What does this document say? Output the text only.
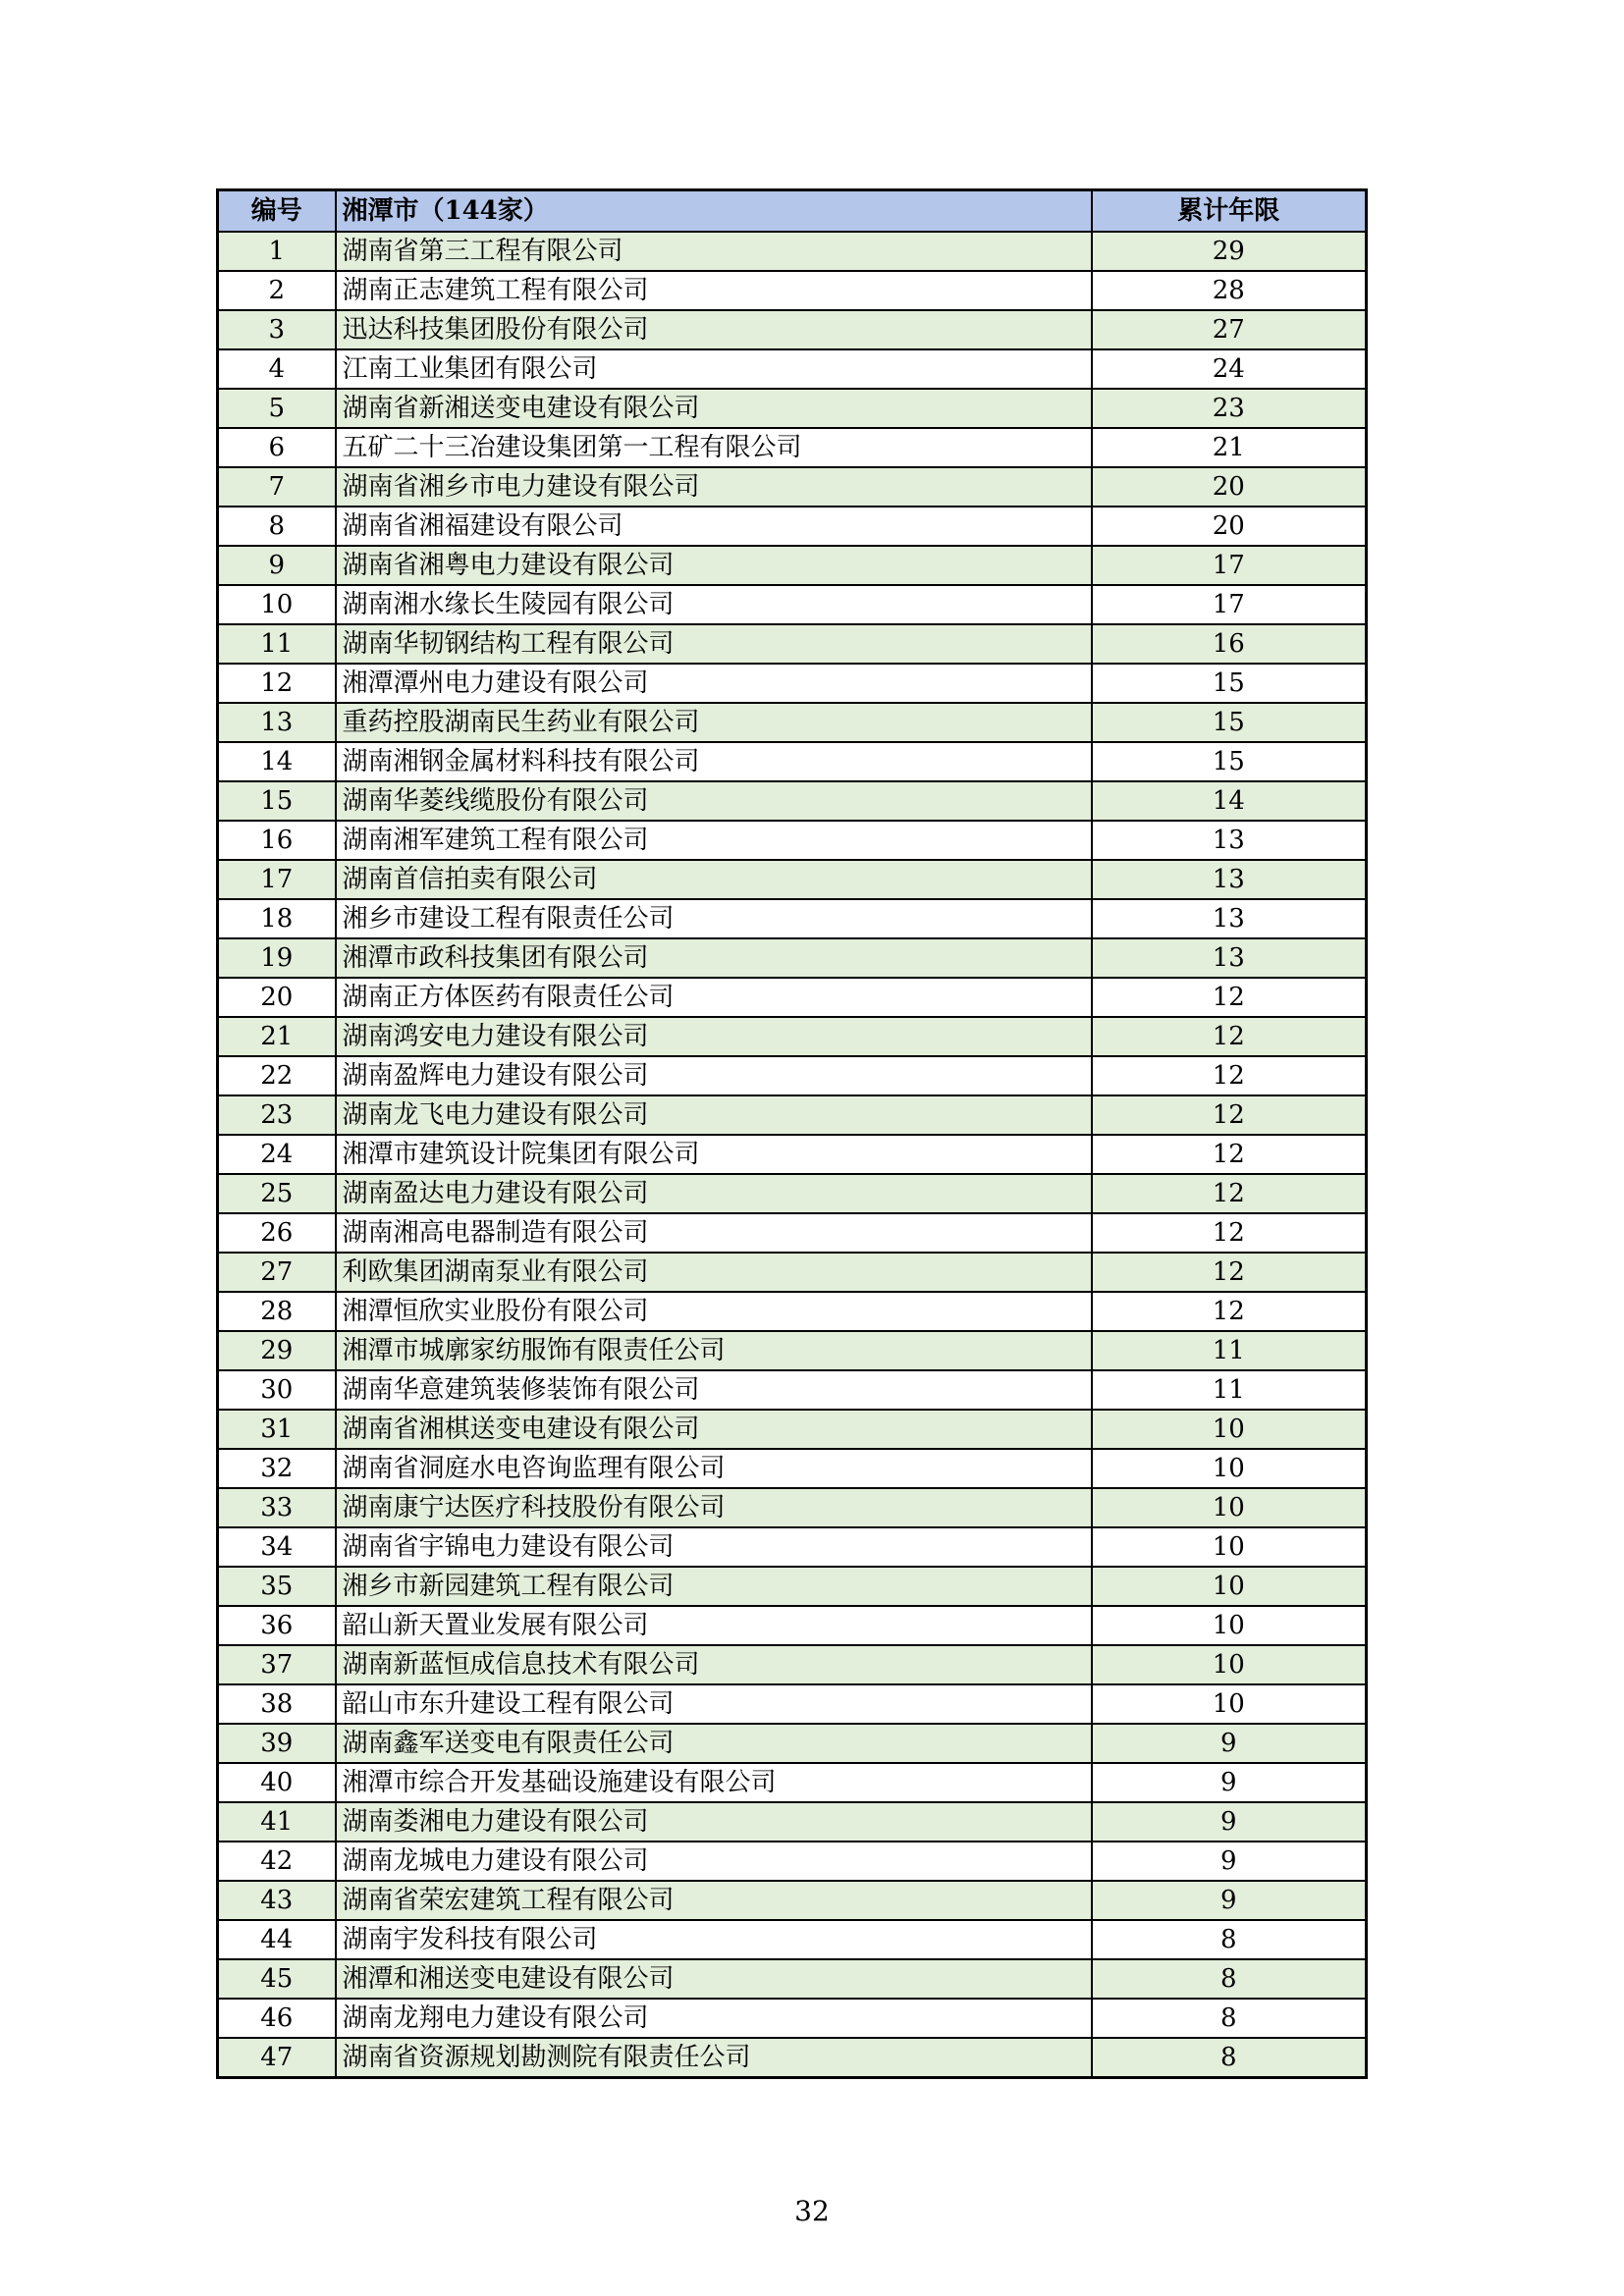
编号	湘潭市（144家）	累计年限
1	湖南省第三工程有限公司	29
2	湖南正志建筑工程有限公司	28
3	迅达科技集团股份有限公司	27
4	江南工业集团有限公司	24
5	湖南省新湘送变电建设有限公司	23
6	五矿二十三冶建设集团第一工程有限公司	21
7	湖南省湘乡市电力建设有限公司	20
8	湖南省湘福建设有限公司	20
9	湖南省湘粤电力建设有限公司	17
10	湖南湘水缘长生陵园有限公司	17
11	湖南华韧钢结构工程有限公司	16
12	湘潭潭州电力建设有限公司	15
13	重药控股湖南民生药业有限公司	15
14	湖南湘钢金属材料科技有限公司	15
15	湖南华菱线缆股份有限公司	14
16	湖南湘军建筑工程有限公司	13
17	湖南首信拍卖有限公司	13
18	湘乡市建设工程有限责任公司	13
19	湘潭市政科技集团有限公司	13
20	湖南正方体医药有限责任公司	12
21	湖南鸿安电力建设有限公司	12
22	湖南盈辉电力建设有限公司	12
23	湖南龙飞电力建设有限公司	12
24	湘潭市建筑设计院集团有限公司	12
25	湖南盈达电力建设有限公司	12
26	湖南湘高电器制造有限公司	12
27	利欧集团湖南泵业有限公司	12
28	湘潭恒欣实业股份有限公司	12
29	湘潭市城廓家纺服饰有限责任公司	11
30	湖南华意建筑装修装饰有限公司	11
31	湖南省湘棋送变电建设有限公司	10
32	湖南省洞庭水电咨询监理有限公司	10
33	湖南康宁达医疗科技股份有限公司	10
34	湖南省宇锦电力建设有限公司	10
35	湘乡市新园建筑工程有限公司	10
36	韶山新天置业发展有限公司	10
37	湖南新蓝恒成信息技术有限公司	10
38	韶山市东升建设工程有限公司	10
39	湖南鑫军送变电有限责任公司	9
40	湘潭市综合开发基础设施建设有限公司	9
41	湖南娄湘电力建设有限公司	9
42	湖南龙城电力建设有限公司	9
43	湖南省荣宏建筑工程有限公司	9
44	湖南宇发科技有限公司	8
45	湘潭和湘送变电建设有限公司	8
46	湖南龙翔电力建设有限公司	8
47	湖南省资源规划勘测院有限责任公司	8
32
